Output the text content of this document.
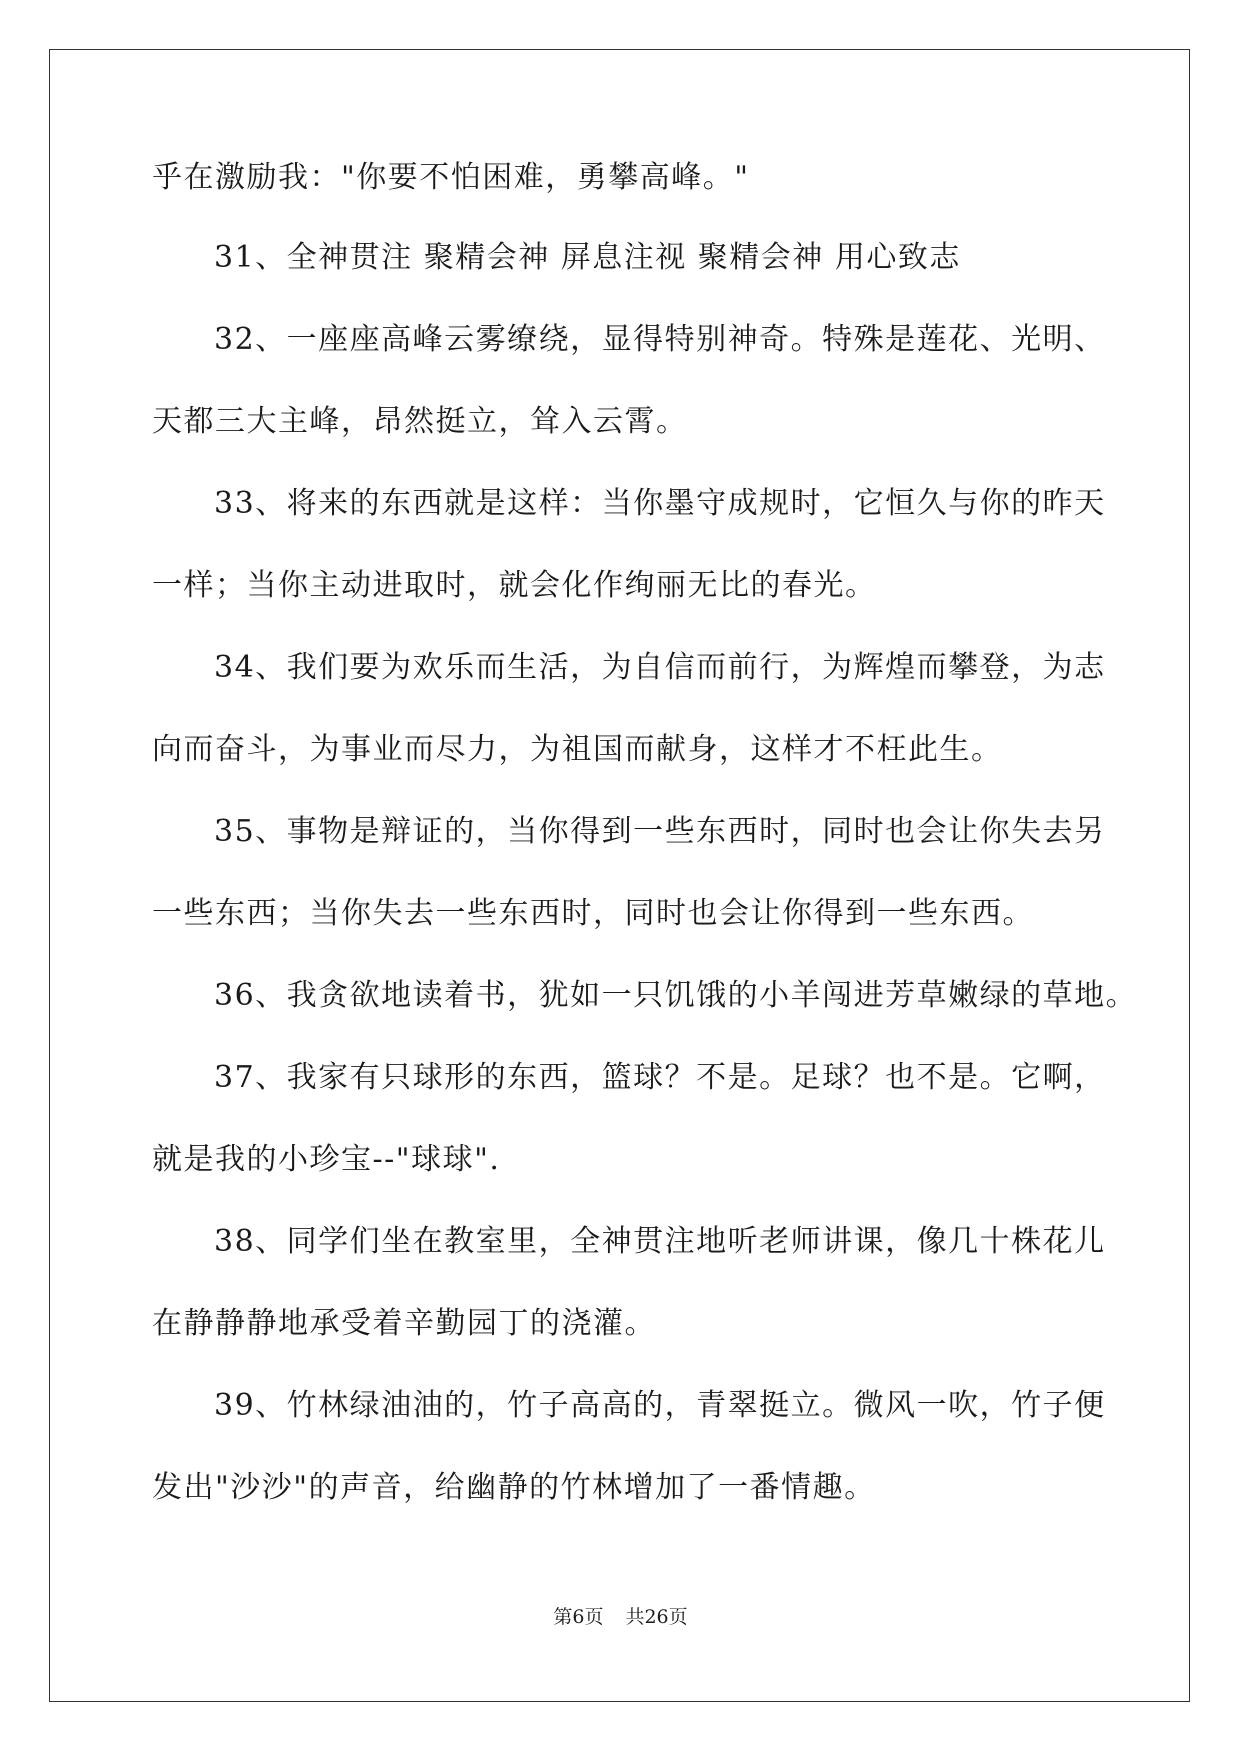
乎在激励我："你要不怕困难，勇攀高峰。"
31、全神贯注 聚精会神 屏息注视 聚精会神 用心致志
32、一座座高峰云雾缭绕，显得特别神奇。特殊是莲花、光明、
天都三大主峰，昂然挺立，耸入云霄。
33、将来的东西就是这样：当你墨守成规时，它恒久与你的昨天
一样；当你主动进取时，就会化作绚丽无比的春光。
34、我们要为欢乐而生活，为自信而前行，为辉煌而攀登，为志
向而奋斗，为事业而尽力，为祖国而献身，这样才不枉此生。
35、事物是辩证的，当你得到一些东西时，同时也会让你失去另
一些东西；当你失去一些东西时，同时也会让你得到一些东西。
36、我贪欲地读着书，犹如一只饥饿的小羊闯进芳草嫩绿的草地。
37、我家有只球形的东西，篮球？不是。足球？也不是。它啊，
就是我的小珍宝--"球球".
38、同学们坐在教室里，全神贯注地听老师讲课，像几十株花儿
在静静静地承受着辛勤园丁的浇灌。
39、竹林绿油油的，竹子高高的，青翠挺立。微风一吹，竹子便
发出"沙沙"的声音，给幽静的竹林增加了一番情趣。
第6页 共26页
